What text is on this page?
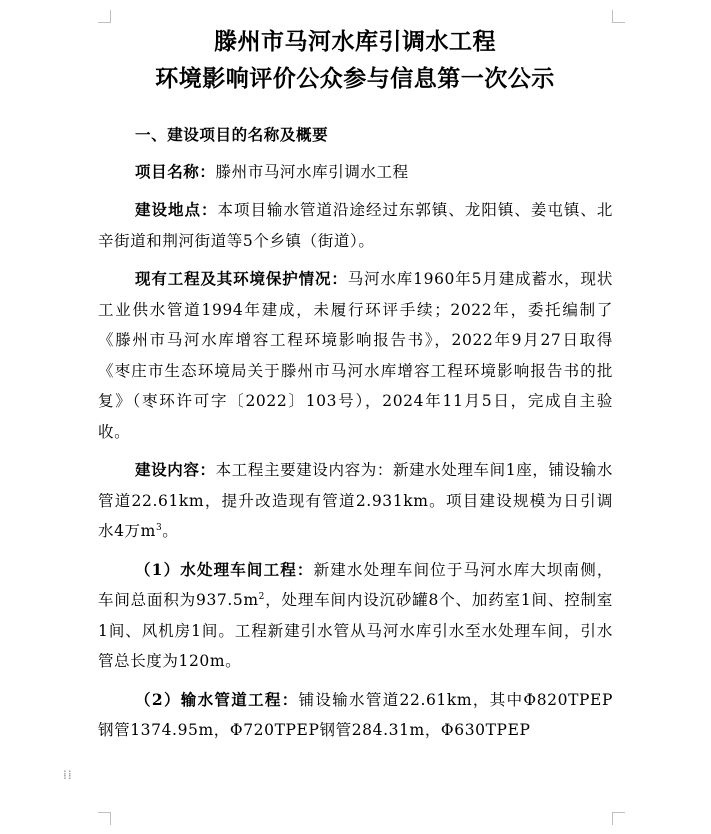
滕州市马河水库引调水工程
环境影响评价公众参与信息第一次公示
一、建设项目的名称及概要

项目名称：滕州市马河水库引调水工程

建设地点：本项目输水管道沿途经过东郭镇、龙阳镇、姜屯镇、北辛街道和荆河街道等5个乡镇（街道）。

现有工程及其环境保护情况：马河水库1960年5月建成蓄水，现状工业供水管道1994年建成，未履行环评手续；2022年，委托编制了《滕州市马河水库增容工程环境影响报告书》，2022年9月27日取得《枣庄市生态环境局关于滕州市马河水库增容工程环境影响报告书的批复》（枣环许可字〔2022〕103号），2024年11月5日，完成自主验收。

建设内容：本工程主要建设内容为：新建水处理车间1座，铺设输水管道22.61km，提升改造现有管道2.931km。项目建设规模为日引调水4万$m^3$。

（1）水处理车间工程：新建水处理车间位于马河水库大坝南侧，车间总面积为$937.5m^2$，处理车间内设沉砂罐8个、加药室1间、控制室1间、风机房1间。工程新建引水管从马河水库引水至水处理车间，引水管总长度为120m。

（2）输水管道工程：铺设输水管道22.61km，其中Φ820TPEP钢管1374.95m，Φ720TPEP钢管284.31m，Φ630TPEP

⁞⁞
